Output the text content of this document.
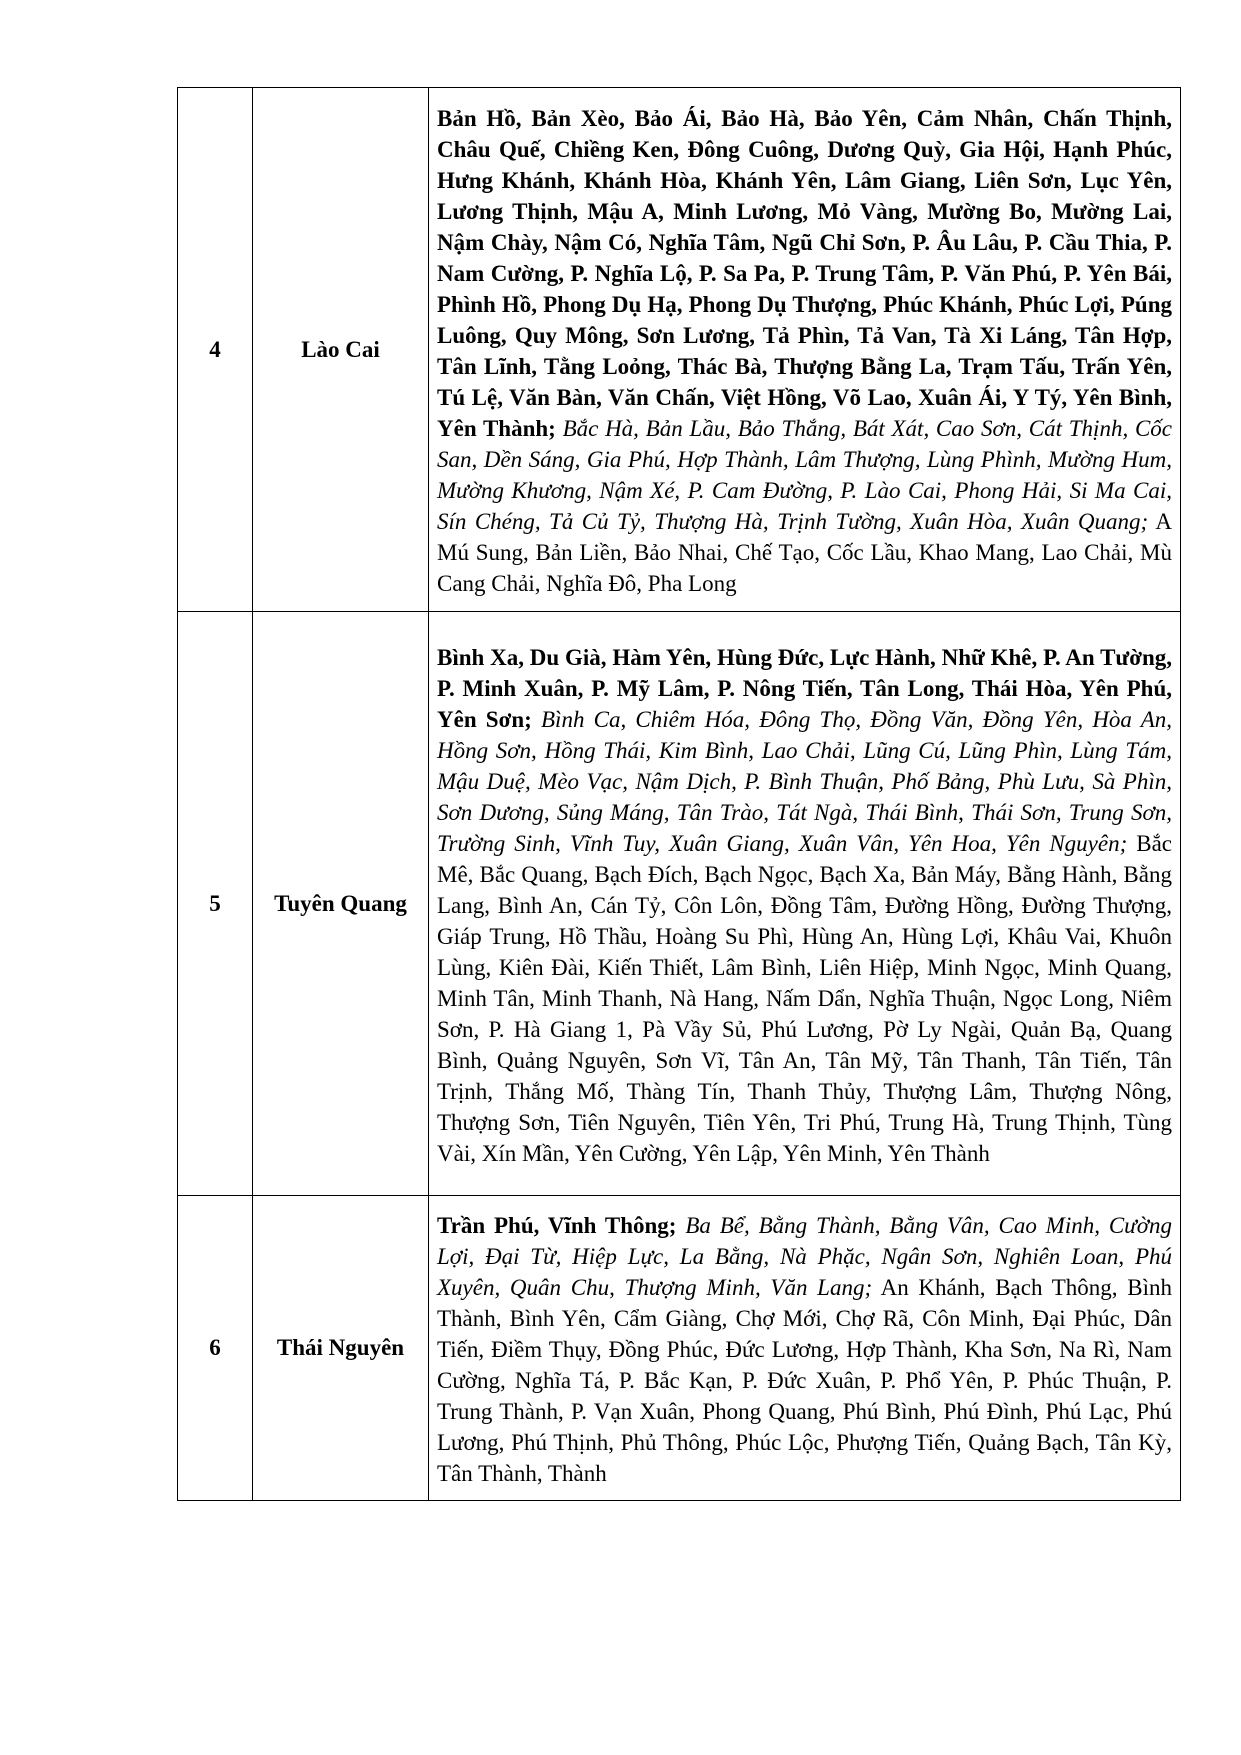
4	Lào Cai	Bản Hồ, Bản Xèo, Bảo Ái, Bảo Hà, Bảo Yên, Cảm Nhân, Chấn Thịnh, Châu Quế, Chiềng Ken, Đông Cuông, Dương Quỳ, Gia Hội, Hạnh Phúc, Hưng Khánh, Khánh Hòa, Khánh Yên, Lâm Giang, Liên Sơn, Lục Yên, Lương Thịnh, Mậu A, Minh Lương, Mỏ Vàng, Mường Bo, Mường Lai, Nậm Chày, Nậm Có, Nghĩa Tâm, Ngũ Chỉ Sơn, P. Âu Lâu, P. Cầu Thia, P. Nam Cường, P. Nghĩa Lộ, P. Sa Pa, P. Trung Tâm, P. Văn Phú, P. Yên Bái, Phình Hồ, Phong Dụ Hạ, Phong Dụ Thượng, Phúc Khánh, Phúc Lợi, Púng Luông, Quy Mông, Sơn Lương, Tả Phìn, Tả Van, Tà Xi Láng, Tân Hợp, Tân Lĩnh, Tằng Loỏng, Thác Bà, Thượng Bằng La, Trạm Tấu, Trấn Yên, Tú Lệ, Văn Bàn, Văn Chấn, Việt Hồng, Võ Lao, Xuân Ái, Y Tý, Yên Bình, Yên Thành; Bắc Hà, Bản Lầu, Bảo Thắng, Bát Xát, Cao Sơn, Cát Thịnh, Cốc San, Dền Sáng, Gia Phú, Hợp Thành, Lâm Thượng, Lùng Phình, Mường Hum, Mường Khương, Nậm Xé, P. Cam Đường, P. Lào Cai, Phong Hải, Si Ma Cai, Sín Chéng, Tả Củ Tỷ, Thượng Hà, Trịnh Tường, Xuân Hòa, Xuân Quang; A Mú Sung, Bản Liền, Bảo Nhai, Chế Tạo, Cốc Lầu, Khao Mang, Lao Chải, Mù Cang Chải, Nghĩa Đô, Pha Long
5	Tuyên Quang	Bình Xa, Du Già, Hàm Yên, Hùng Đức, Lực Hành, Nhữ Khê, P. An Tường, P. Minh Xuân, P. Mỹ Lâm, P. Nông Tiến, Tân Long, Thái Hòa, Yên Phú, Yên Sơn; Bình Ca, Chiêm Hóa, Đông Thọ, Đồng Văn, Đồng Yên, Hòa An, Hồng Sơn, Hồng Thái, Kim Bình, Lao Chải, Lũng Cú, Lũng Phìn, Lùng Tám, Mậu Duệ, Mèo Vạc, Nậm Dịch, P. Bình Thuận, Phố Bảng, Phù Lưu, Sà Phìn, Sơn Dương, Sủng Máng, Tân Trào, Tát Ngà, Thái Bình, Thái Sơn, Trung Sơn, Trường Sinh, Vĩnh Tuy, Xuân Giang, Xuân Vân, Yên Hoa, Yên Nguyên; Bắc Mê, Bắc Quang, Bạch Đích, Bạch Ngọc, Bạch Xa, Bản Máy, Bằng Hành, Bằng Lang, Bình An, Cán Tỷ, Côn Lôn, Đồng Tâm, Đường Hồng, Đường Thượng, Giáp Trung, Hồ Thầu, Hoàng Su Phì, Hùng An, Hùng Lợi, Khâu Vai, Khuôn Lùng, Kiên Đài, Kiến Thiết, Lâm Bình, Liên Hiệp, Minh Ngọc, Minh Quang, Minh Tân, Minh Thanh, Nà Hang, Nấm Dẩn, Nghĩa Thuận, Ngọc Long, Niêm Sơn, P. Hà Giang 1, Pà Vầy Sủ, Phú Lương, Pờ Ly Ngài, Quản Bạ, Quang Bình, Quảng Nguyên, Sơn Vĩ, Tân An, Tân Mỹ, Tân Thanh, Tân Tiến, Tân Trịnh, Thắng Mố, Thàng Tín, Thanh Thủy, Thượng Lâm, Thượng Nông, Thượng Sơn, Tiên Nguyên, Tiên Yên, Tri Phú, Trung Hà, Trung Thịnh, Tùng Vài, Xín Mần, Yên Cường, Yên Lập, Yên Minh, Yên Thành
6	Thái Nguyên	Trần Phú, Vĩnh Thông; Ba Bể, Bằng Thành, Bằng Vân, Cao Minh, Cường Lợi, Đại Từ, Hiệp Lực, La Bằng, Nà Phặc, Ngân Sơn, Nghiên Loan, Phú Xuyên, Quân Chu, Thượng Minh, Văn Lang; An Khánh, Bạch Thông, Bình Thành, Bình Yên, Cẩm Giàng, Chợ Mới, Chợ Rã, Côn Minh, Đại Phúc, Dân Tiến, Điềm Thụy, Đồng Phúc, Đức Lương, Hợp Thành, Kha Sơn, Na Rì, Nam Cường, Nghĩa Tá, P. Bắc Kạn, P. Đức Xuân, P. Phổ Yên, P. Phúc Thuận, P. Trung Thành, P. Vạn Xuân, Phong Quang, Phú Bình, Phú Đình, Phú Lạc, Phú Lương, Phú Thịnh, Phủ Thông, Phúc Lộc, Phượng Tiến, Quảng Bạch, Tân Kỳ, Tân Thành, Thành
